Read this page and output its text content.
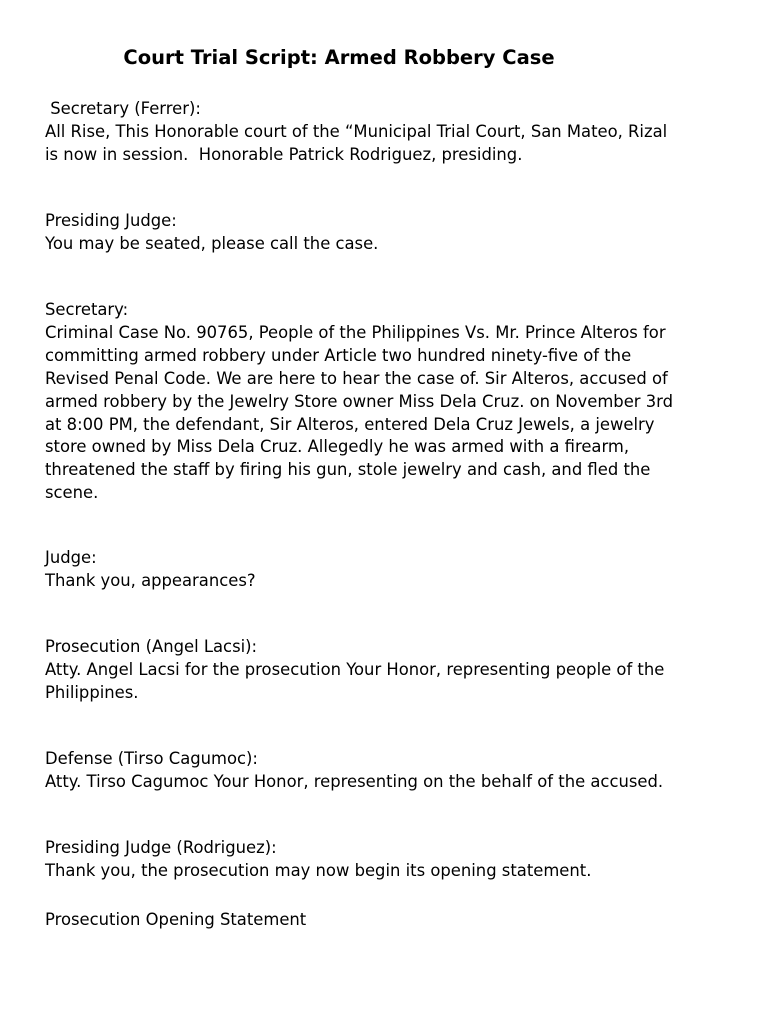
Court Trial Script: Armed Robbery Case
Secretary (Ferrer):
All Rise, This Honorable court of the “Municipal Trial Court, San Mateo, Rizal
is now in session.  Honorable Patrick Rodriguez, presiding.
Presiding Judge:
You may be seated, please call the case.
Secretary:
Criminal Case No. 90765, People of the Philippines Vs. Mr. Prince Alteros for
committing armed robbery under Article two hundred ninety-five of the
Revised Penal Code. We are here to hear the case of. Sir Alteros, accused of
armed robbery by the Jewelry Store owner Miss Dela Cruz. on November 3rd
at 8:00 PM, the defendant, Sir Alteros, entered Dela Cruz Jewels, a jewelry
store owned by Miss Dela Cruz. Allegedly he was armed with a firearm,
threatened the staff by firing his gun, stole jewelry and cash, and fled the
scene.
Judge:
Thank you, appearances?
Prosecution (Angel Lacsi):
Atty. Angel Lacsi for the prosecution Your Honor, representing people of the
Philippines.
Defense (Tirso Cagumoc):
Atty. Tirso Cagumoc Your Honor, representing on the behalf of the accused.
Presiding Judge (Rodriguez):
Thank you, the prosecution may now begin its opening statement.
Prosecution Opening Statement
